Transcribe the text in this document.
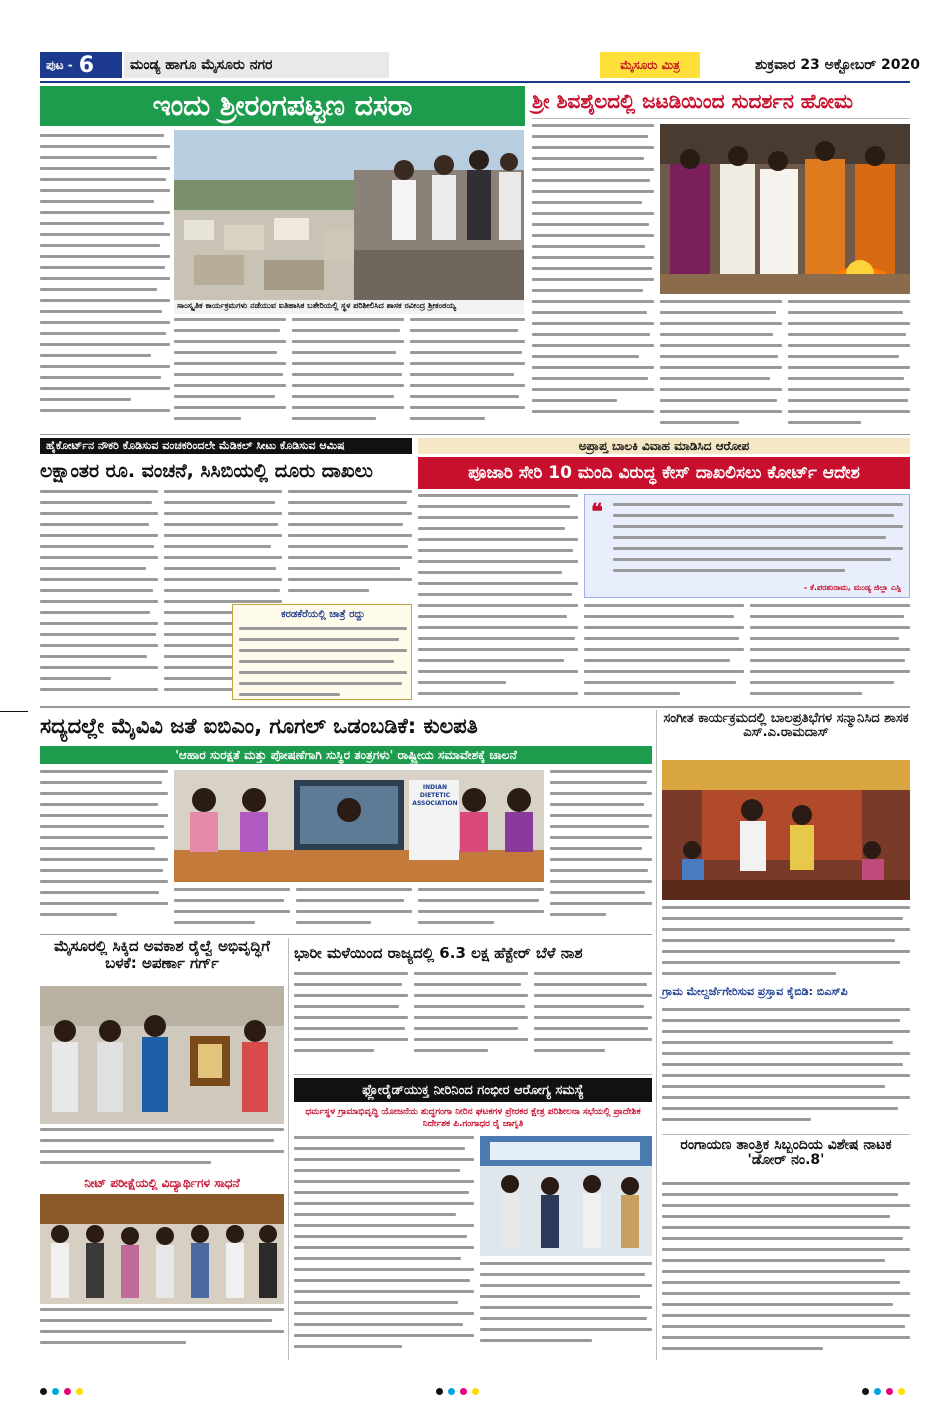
ಪುಟ - 6	ಮಂಡ್ಯ ಹಾಗೂ ಮೈಸೂರು ನಗರ	ಮೈಸೂರು ಮಿತ್ರ	ಶುಕ್ರವಾರ 23 ಅಕ್ಟೋಬರ್ 2020
ಇಂದು ಶ್ರೀರಂಗಪಟ್ಟಣ ದಸರಾ
ಸಾಂಸ್ಕೃತಿಕ ಕಾರ್ಯಕ್ರಮಗಳು ನಡೆಯುವ ಐತಿಹಾಸಿಕ ಬತೇರಿಯಲ್ಲಿ ಸ್ಥಳ ಪರಿಶೀಲಿಸಿದ ಶಾಸಕ ರವೀಂದ್ರ ಶ್ರೀಕಂಠಯ್ಯ
ಶ್ರೀ ಶಿವಶೈಲದಲ್ಲಿ ಜಟಡಿಯಿಂದ ಸುದರ್ಶನ ಹೋಮ
ಹೈಕೋರ್ಟ್‌ನ ನೌಕರಿ ಕೊಡಿಸುವ ವಂಚಕರಿಂದಲೇ ಮೆಡಿಕಲ್ ಸೀಟು ಕೊಡಿಸುವ ಆಮಿಷ
ಲಕ್ಷಾಂತರ ರೂ. ವಂಚನೆ, ಸಿಸಿಬಿಯಲ್ಲಿ ದೂರು ದಾಖಲು
ಕರಡಕೆರೆಯಲ್ಲಿ ಜಾತ್ರೆ ರದ್ದು
ಅಪ್ರಾಪ್ತ ಬಾಲಕಿ ವಿವಾಹ ಮಾಡಿಸಿದ ಆರೋಪ
ಪೂಜಾರಿ ಸೇರಿ 10 ಮಂದಿ ವಿರುದ್ಧ ಕೇಸ್ ದಾಖಲಿಸಲು ಕೋರ್ಟ್ ಆದೇಶ
❝
- ಕೆ.ಪರಶುರಾಮ, ಮಂಡ್ಯ ಜಿಲ್ಲಾ ಎಸ್ಪಿ
ಸದ್ಯದಲ್ಲೇ ಮೈವಿವಿ ಜತೆ ಐಬಿಎಂ, ಗೂಗಲ್ ಒಡಂಬಡಿಕೆ: ಕುಲಪತಿ
'ಆಹಾರ ಸುರಕ್ಷತೆ ಮತ್ತು ಪೋಷಣೆಗಾಗಿ ಸುಸ್ಥಿರ ತಂತ್ರಗಳು' ರಾಷ್ಟ್ರೀಯ ಸಮಾವೇಶಕ್ಕೆ ಚಾಲನೆ
INDIAN DIETETIC ASSOCIATION
ಸಂಗೀತ ಕಾರ್ಯಕ್ರಮದಲ್ಲಿ ಬಾಲಪ್ರತಿಭೆಗಳ ಸನ್ಮಾನಿಸಿದ ಶಾಸಕ ಎಸ್.ಎ.ರಾಮದಾಸ್
ಗ್ರಾಮ ಮೇಲ್ದರ್ಜೆಗೇರಿಸುವ ಪ್ರಸ್ತಾವ ಕೈಬಿಡಿ: ಬಿಎಸ್‌ಪಿ
ರಂಗಾಯಣ ತಾಂತ್ರಿಕ ಸಿಬ್ಬಂದಿಯ ವಿಶೇಷ ನಾಟಕ 'ಡೋರ್ ನಂ.8'
ಮೈಸೂರಲ್ಲಿ ಸಿಕ್ಕಿದ ಅವಕಾಶ ರೈಲ್ವೆ ಅಭಿವೃದ್ಧಿಗೆ ಬಳಕೆ: ಅಪರ್ಣಾ ಗರ್ಗ್
ನೀಟ್ ಪರೀಕ್ಷೆಯಲ್ಲಿ ವಿದ್ಯಾರ್ಥಿಗಳ ಸಾಧನೆ
ಭಾರೀ ಮಳೆಯಿಂದ ರಾಜ್ಯದಲ್ಲಿ 6.3 ಲಕ್ಷ ಹೆಕ್ಟೇರ್ ಬೆಳೆ ನಾಶ
ಫ್ಲೋರೈಡ್‌ಯುಕ್ತ ನೀರಿನಿಂದ ಗಂಭೀರ ಆರೋಗ್ಯ ಸಮಸ್ಯೆ
ಧರ್ಮಸ್ಥಳ ಗ್ರಾಮಾಭಿವೃದ್ಧಿ ಯೋಜನೆಯ ಶುದ್ಧಗಂಗಾ ನೀರಿನ ಘಟಕಗಳ ಪ್ರೇರಕರ ಕ್ಷೇತ್ರ ಪರಿಶೀಲನಾ ಸಭೆಯಲ್ಲಿ ಪ್ರಾದೇಶಿಕ ನಿರ್ದೇಶಕ ಪಿ.ಗಂಗಾಧರ ರೈ ಜಾಗೃತಿ
